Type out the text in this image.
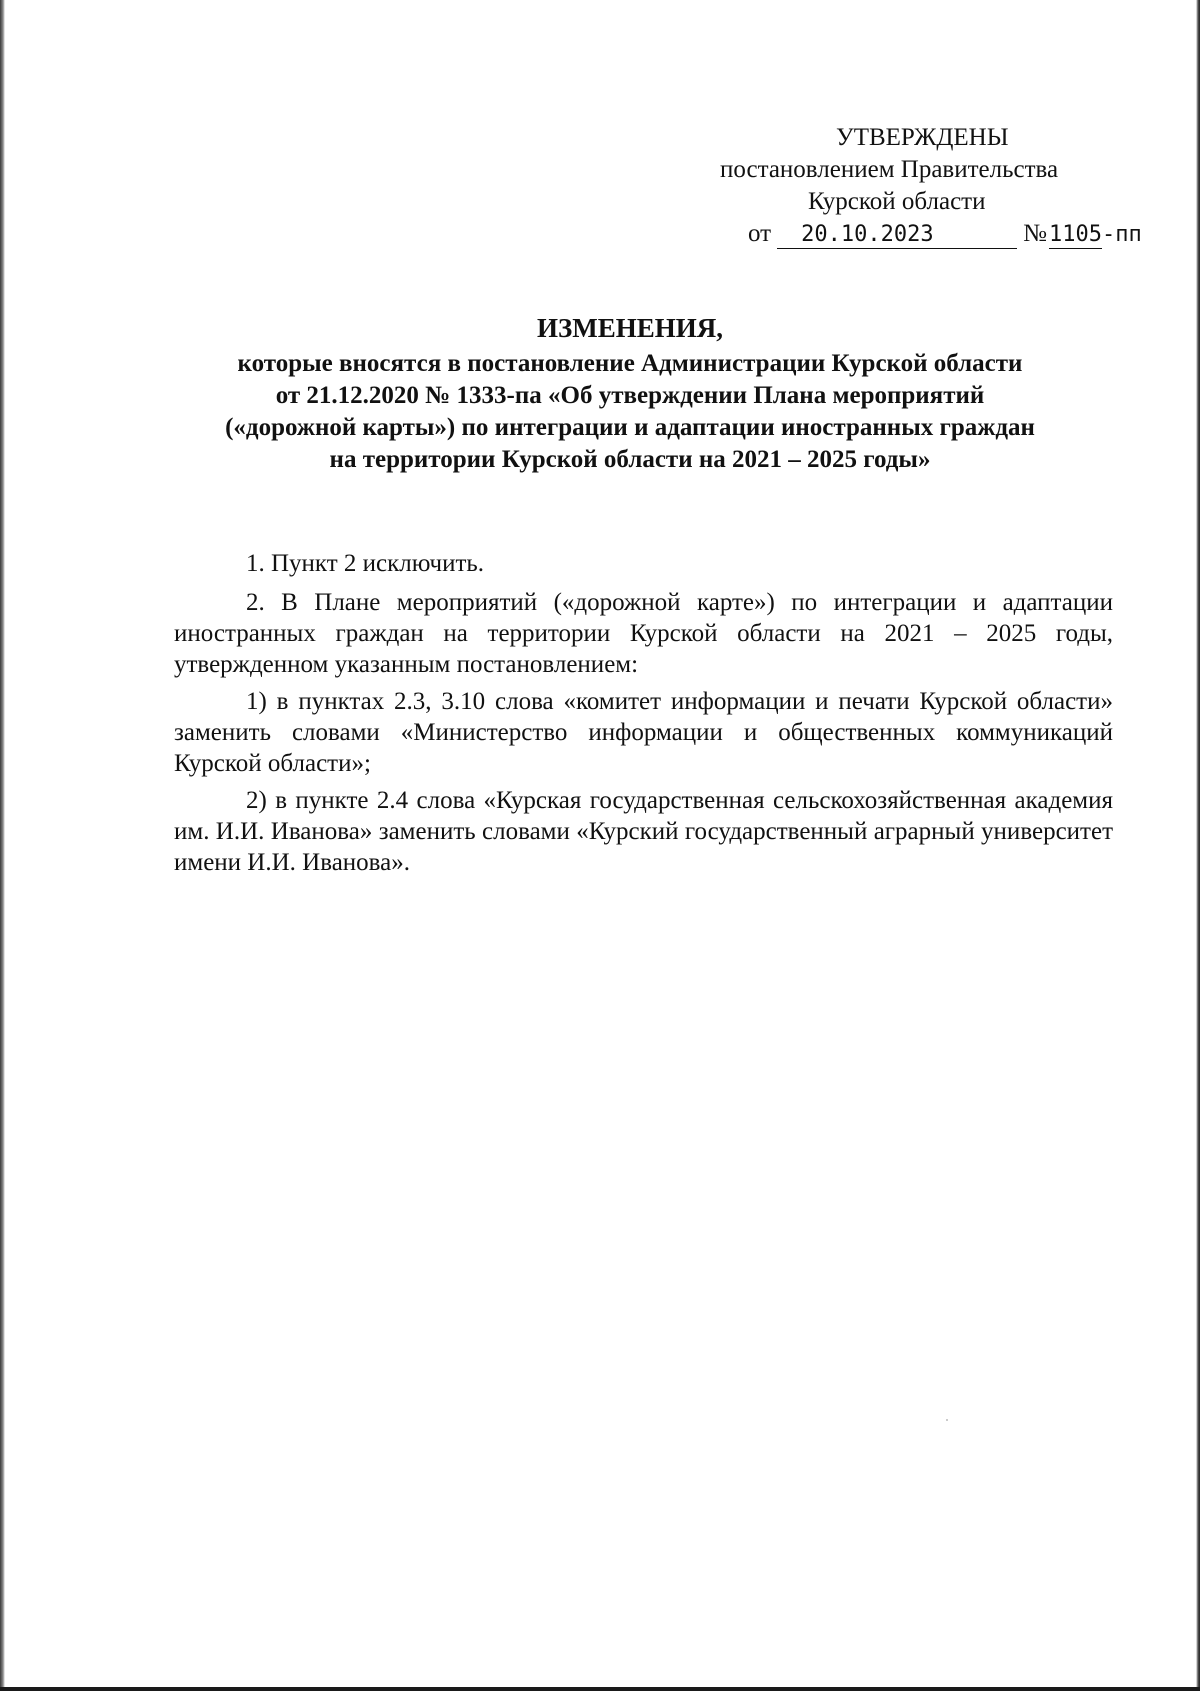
УТВЕРЖДЕНЫ
постановлением Правительства
Курской области
от	20.10.2023	№ 1105 -пп
ИЗМЕНЕНИЯ,
которые вносятся в постановление Администрации Курской области
от 21.12.2020 № 1333-па «Об утверждении Плана мероприятий
(«дорожной карты») по интеграции и адаптации иностранных граждан
на территории Курской области на 2021 – 2025 годы»

1. Пункт 2 исключить.

2. В Плане мероприятий («дорожной карте») по интеграции и адаптации иностранных граждан на территории Курской области на 2021 – 2025 годы, утвержденном указанным постановлением:

1) в пунктах 2.3, 3.10 слова «комитет информации и печати Курской области» заменить словами «Министерство информации и общественных коммуникаций Курской области»;

2) в пункте 2.4 слова «Курская государственная сельскохозяйственная академия им. И.И. Иванова» заменить словами «Курский государственный аграрный университет имени И.И. Иванова».
